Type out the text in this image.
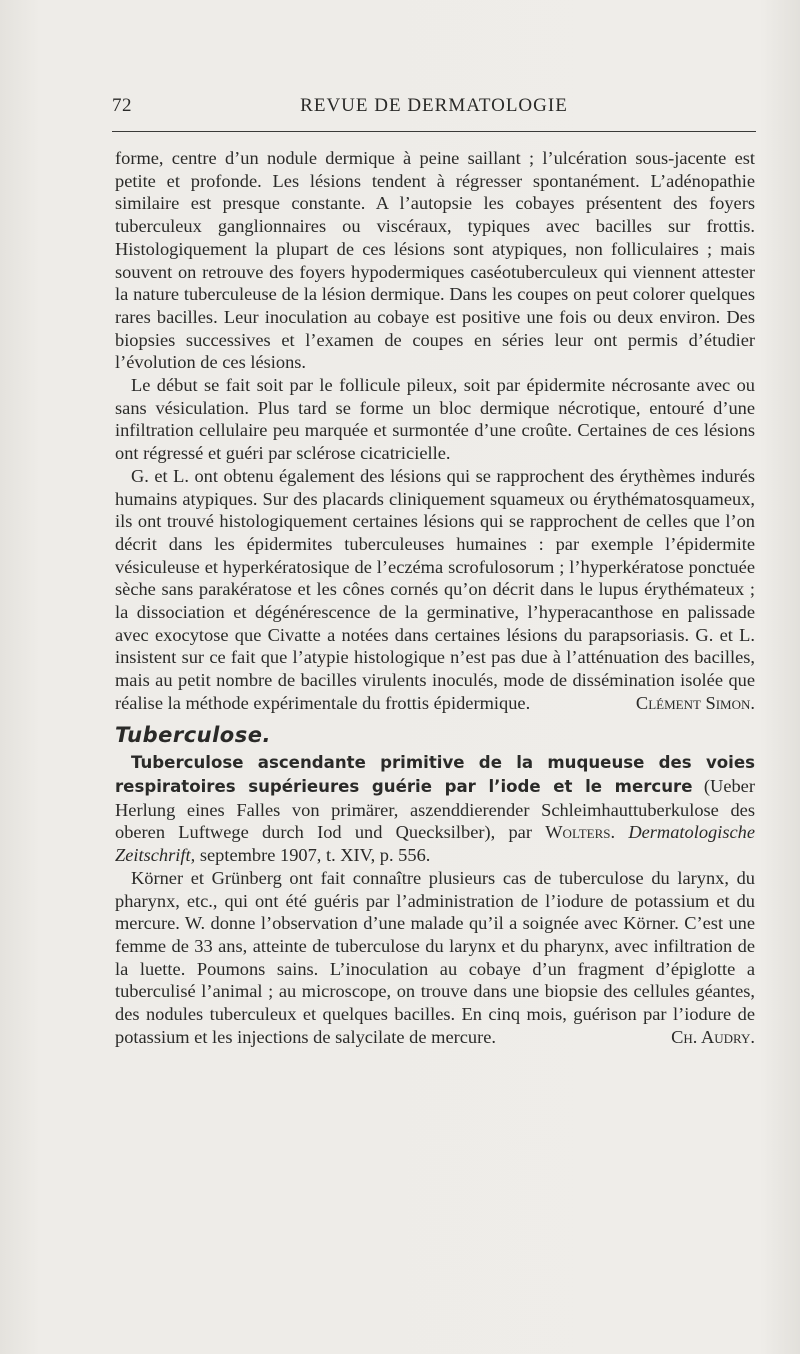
REVUE DE DERMATOLOGIE
72

forme, centre d’un nodule dermique à peine saillant ; l’ulcération sous-jacente est petite et profonde. Les lésions tendent à régresser spontanément. L’adénopathie similaire est presque constante. A l’autopsie les cobayes présentent des foyers tuberculeux ganglionnaires ou viscéraux, typiques avec bacilles sur frottis. Histologiquement la plupart de ces lésions sont atypiques, non folliculaires ; mais souvent on retrouve des foyers hypodermiques caséotuberculeux qui viennent attester la nature tuberculeuse de la lésion dermique. Dans les coupes on peut colorer quelques rares bacilles. Leur inoculation au cobaye est positive une fois ou deux environ. Des biopsies successives et l’examen de coupes en séries leur ont permis d’étudier l’évolution de ces lésions.

Le début se fait soit par le follicule pileux, soit par épidermite nécrosante avec ou sans vésiculation. Plus tard se forme un bloc dermique nécrotique, entouré d’une infiltration cellulaire peu marquée et surmontée d’une croûte. Certaines de ces lésions ont régressé et guéri par sclérose cicatricielle.

G. et L. ont obtenu également des lésions qui se rapprochent des érythèmes indurés humains atypiques. Sur des placards cliniquement squameux ou érythématosquameux, ils ont trouvé histologiquement certaines lésions qui se rapprochent de celles que l’on décrit dans les épidermites tuberculeuses humaines : par exemple l’épidermite vésiculeuse et hyperkératosique de l’eczéma scrofulosorum ; l’hyperkératose ponctuée sèche sans parakératose et les cônes cornés qu’on décrit dans le lupus érythémateux ; la dissociation et dégénérescence de la germinative, l’hyperacanthose en palissade avec exocytose que Civatte a notées dans certaines lésions du parapsoriasis. G. et L. insistent sur ce fait que l’atypie histologique n’est pas due à l’atténuation des bacilles, mais au petit nombre de bacilles virulents inoculés, mode de dissémination isolée que réalise la méthode expérimentale du frottis épidermique.	Clément Simon.

Tuberculose.

Tuberculose ascendante primitive de la muqueuse des voies respiratoires supérieures guérie par l’iode et le mercure (Ueber Herlung eines Falles von primärer, aszenddierender Schleimhauttuberkulose des oberen Luftwege durch Iod und Quecksilber), par Wolters. Dermatologische Zeitschrift, septembre 1907, t. XIV, p. 556.

Körner et Grünberg ont fait connaître plusieurs cas de tuberculose du larynx, du pharynx, etc., qui ont été guéris par l’administration de l’iodure de potassium et du mercure. W. donne l’observation d’une malade qu’il a soignée avec Körner. C’est une femme de 33 ans, atteinte de tuberculose du larynx et du pharynx, avec infiltration de la luette. Poumons sains. L’inoculation au cobaye d’un fragment d’épiglotte a tuberculisé l’animal ; au microscope, on trouve dans une biopsie des cellules géantes, des nodules tuberculeux et quelques bacilles. En cinq mois, guérison par l’iodure de potassium et les injections de salycilate de mercure.	Ch. Audry.
